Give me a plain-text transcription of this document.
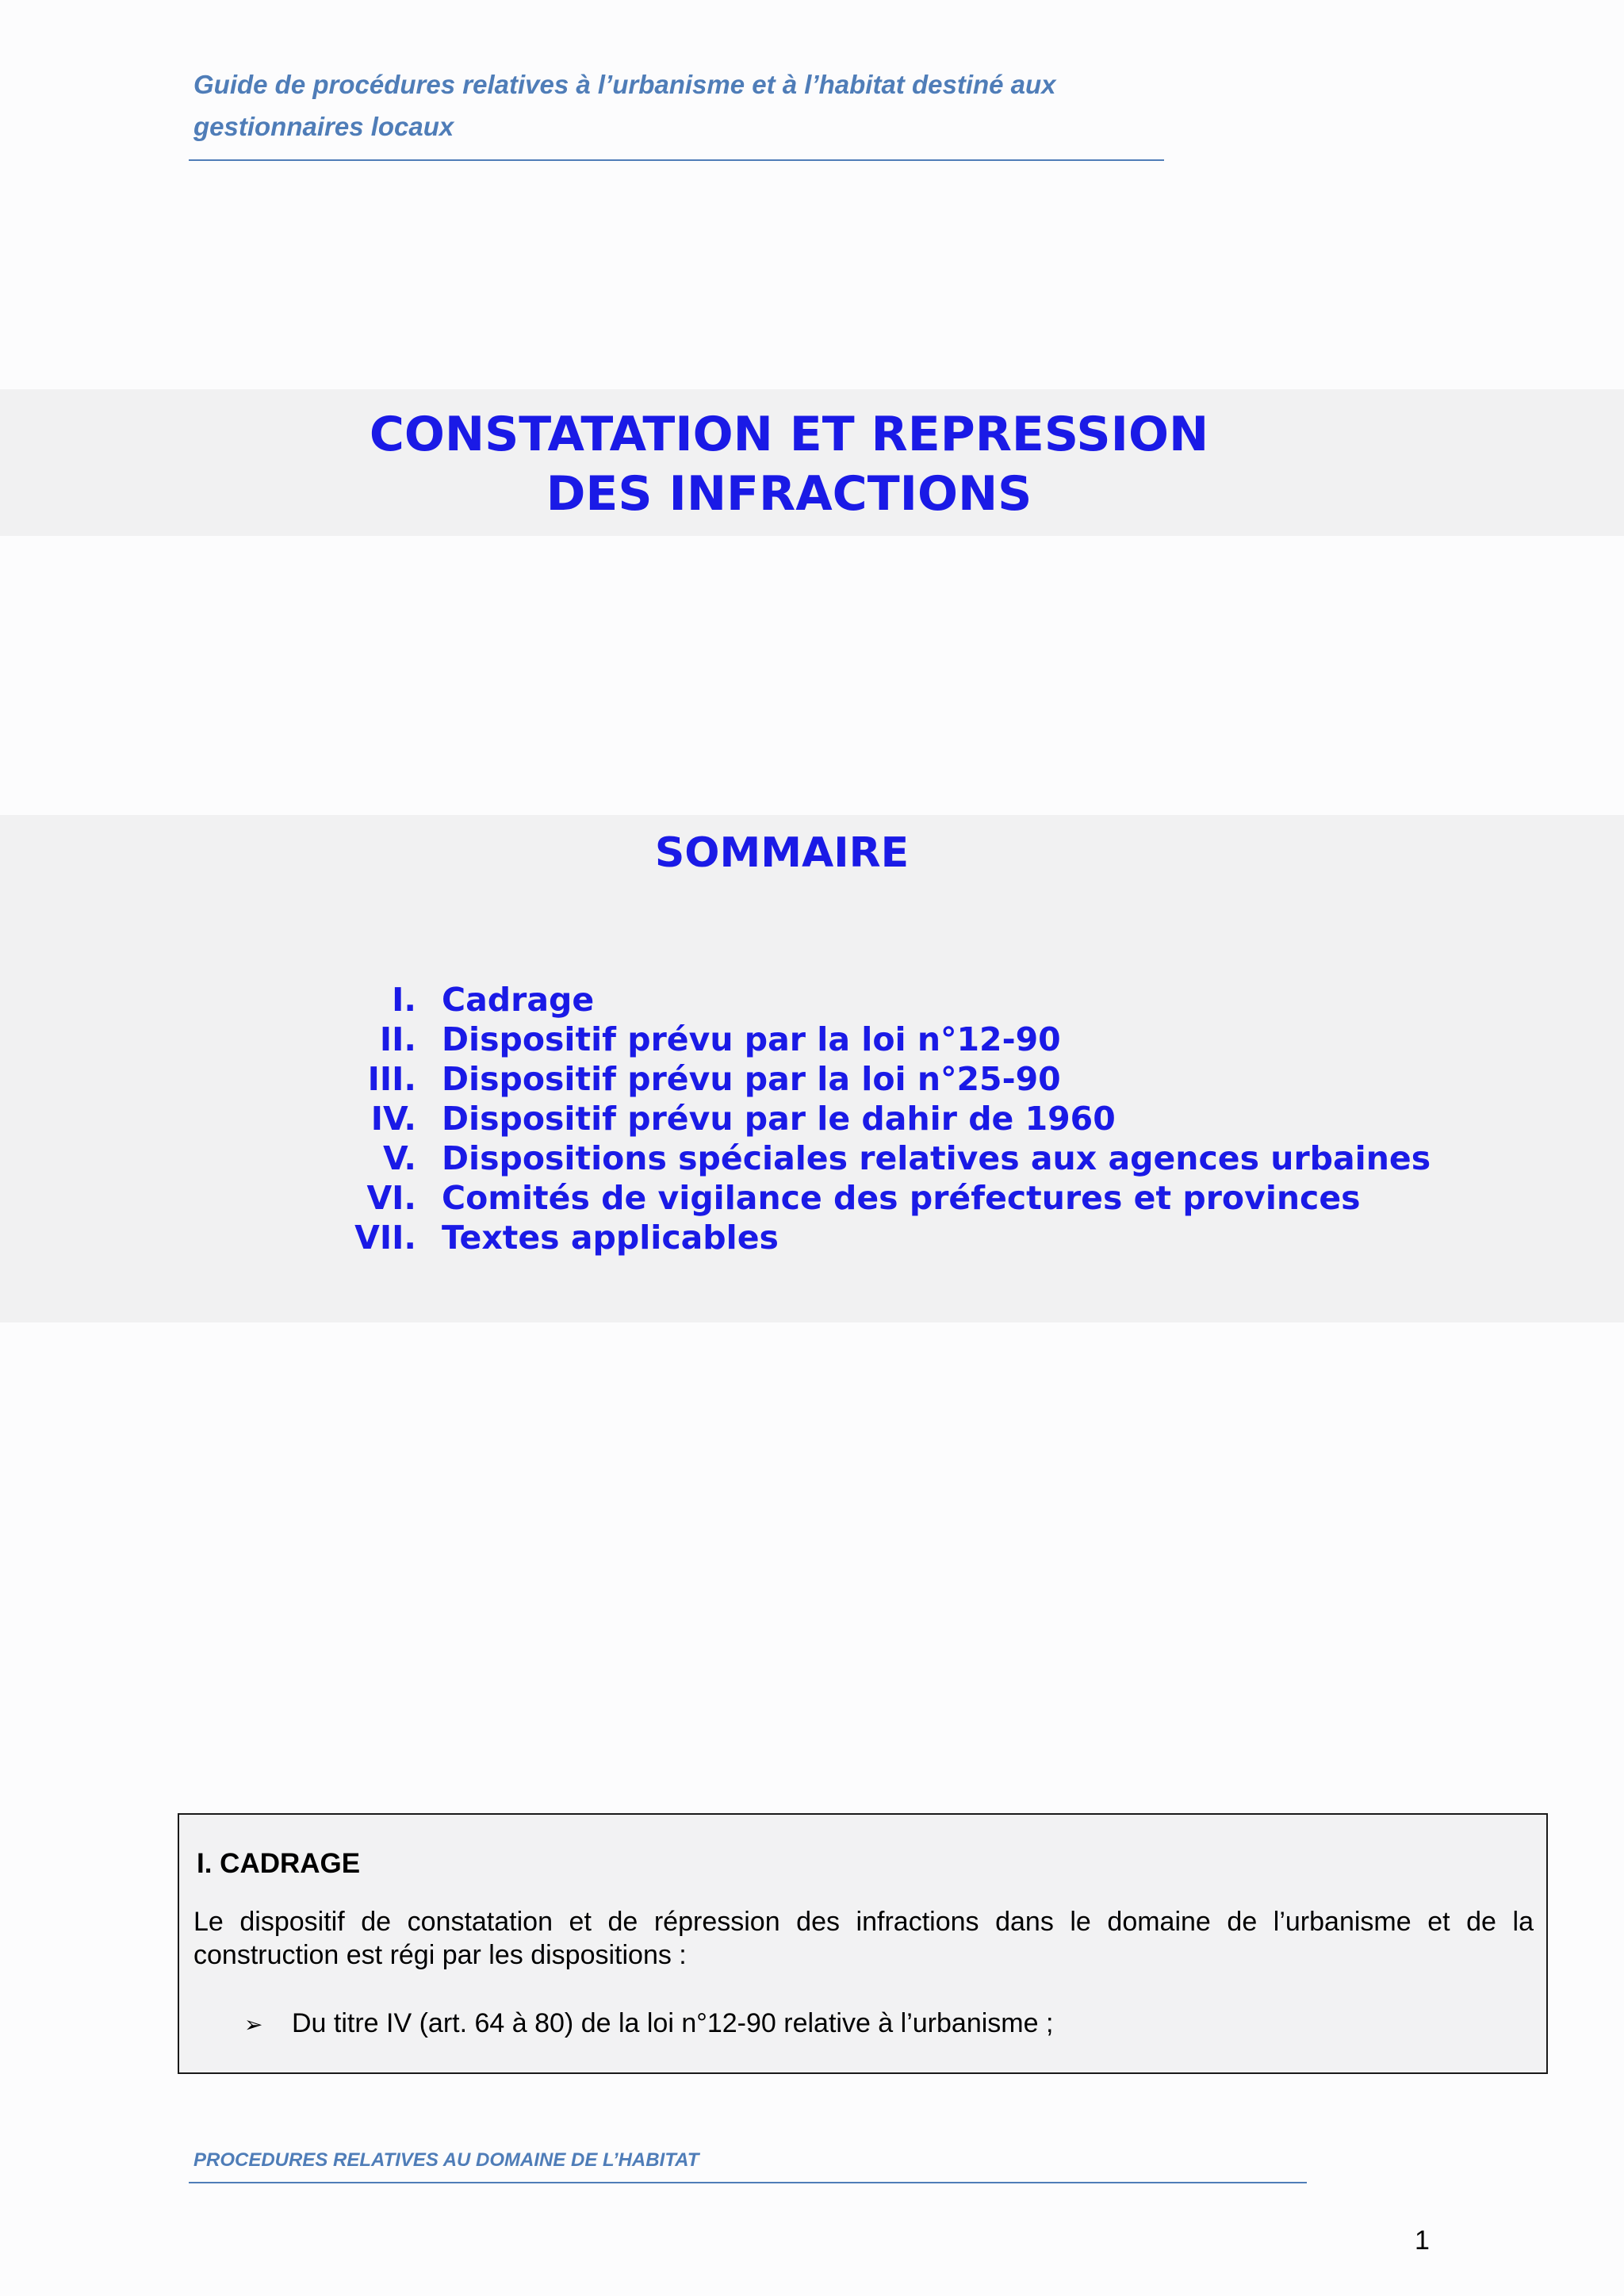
Guide de procédures relatives à l’urbanisme et à l’habitat destiné aux gestionnaires locaux
CONSTATATION ET REPRESSION
DES INFRACTIONS
SOMMAIRE
I. Cadrage
II. Dispositif prévu par la loi n°12-90
III. Dispositif prévu par la loi n°25-90
IV. Dispositif prévu par le dahir de 1960
V. Dispositions spéciales relatives aux agences urbaines
VI. Comités de vigilance des préfectures et provinces
VII. Textes applicables
I. CADRAGE
Le dispositif de constatation et de répression des infractions dans le domaine de l’urbanisme et de la construction est régi par les dispositions :
➢	Du titre IV (art. 64 à 80) de la loi n°12-90 relative à l’urbanisme ;
PROCEDURES RELATIVES AU DOMAINE DE L’HABITAT
1
